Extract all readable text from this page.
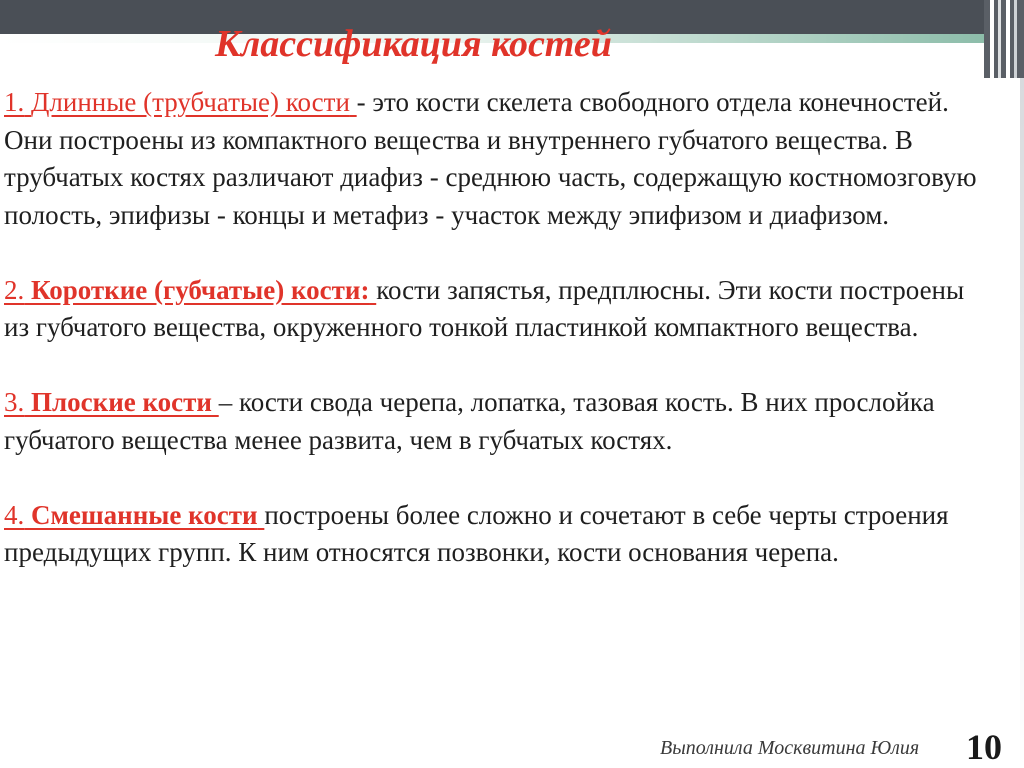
Классификация костей

1. Длинные (трубчатые) кости - это кости скелета свободного отдела конечностей. Они построены из компактного вещества и внутреннего губчатого вещества. В трубчатых костях различают диафиз - среднюю часть, содержащую костномозговую полость, эпифизы - концы и метафиз - участок между эпифизом и диафизом.

2. Короткие (губчатые) кости: кости запястья, предплюсны. Эти кости построены из губчатого вещества, окруженного тонкой пластинкой компактного вещества.

3. Плоские кости – кости свода черепа, лопатка, тазовая кость. В них прослойка губчатого вещества менее развита, чем в губчатых костях.

4. Смешанные кости построены более сложно и сочетают в себе черты строения предыдущих групп. К ним относятся позвонки, кости основания черепа.

Выполнила Москвитина Юлия 10
